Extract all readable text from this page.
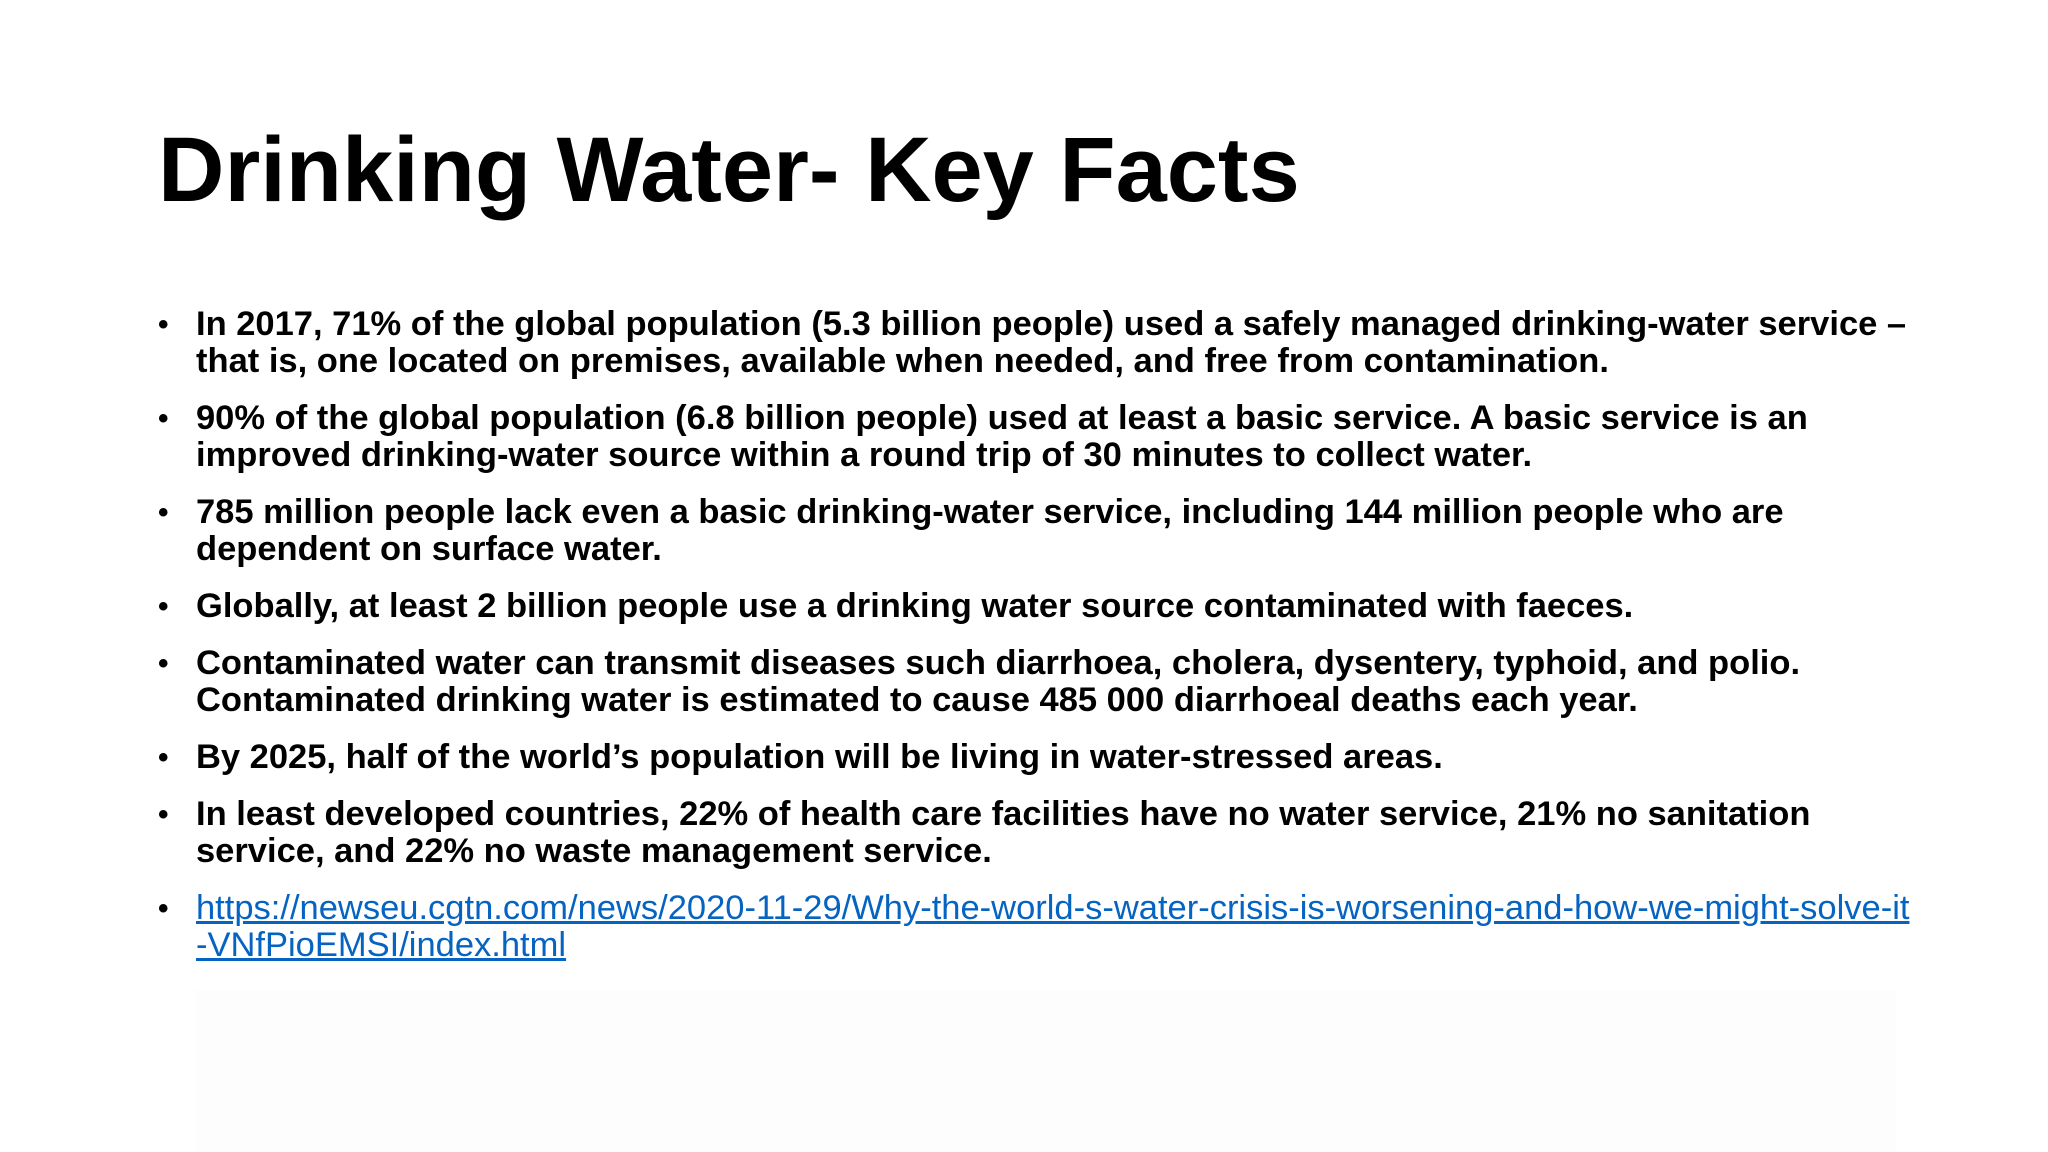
Drinking Water- Key Facts
• In 2017, 71% of the global population (5.3 billion people) used a safely managed drinking-water service – that is, one located on premises, available when needed, and free from contamination.
• 90% of the global population (6.8 billion people) used at least a basic service. A basic service is an improved drinking-water source within a round trip of 30 minutes to collect water.
• 785 million people lack even a basic drinking-water service, including 144 million people who are dependent on surface water.
• Globally, at least 2 billion people use a drinking water source contaminated with faeces.
• Contaminated water can transmit diseases such diarrhoea, cholera, dysentery, typhoid, and polio. Contaminated drinking water is estimated to cause 485 000 diarrhoeal deaths each year.
• By 2025, half of the world’s population will be living in water-stressed areas.
• In least developed countries, 22% of health care facilities have no water service, 21% no sanitation service, and 22% no waste management service.
• https://newseu.cgtn.com/news/2020-11-29/Why-the-world-s-water-crisis-is-worsening-and-how-we-might-solve-it-VNfPioEMSI/index.html
